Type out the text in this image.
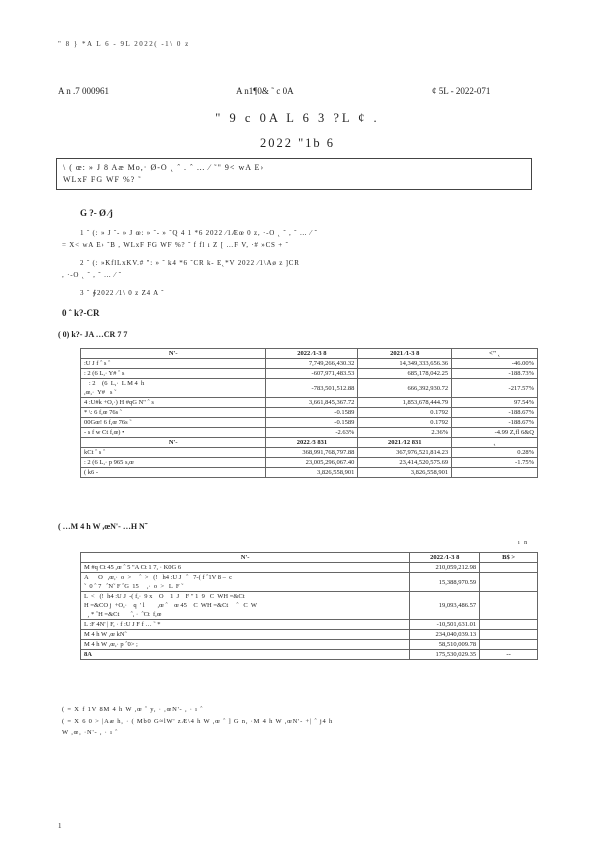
" 8 } *A L 6 - 9L 2022( -1\ 0 z
A n .7 000961	A n1¶0& ˜ c 0A	¢ 5L - 2022-071
" 9 c 0A L 6 3 ?L ¢ .
2022 "1b 6
\ ( œ: » J 8 Aæ Mo,· Ø-O ˛ ˆ . ˆ … ⁄ ˜" 9< wA E›
WLxF FG WF %? ˜
G ?- Ø ⁄j
1 ˆ (: » J ˆ- » J œ: » ˆ- » ˆQ 4 1 *6 2022 ⁄1Æœ 0 z, ·-O ˛ ˆ , ˆ … ⁄ ˜
= X< wA E› ˜B , WLxF FG WF %? ˜ f fl ı Z [ …F V, ·# »CS + ˜
2 ˆ (: »KflLxKV.# ": » ˆ k4 *6 ˆCR k- E˛*V 2022 ⁄1\Aø z ]CR
, ·-O ˛ ˆ , ˆ … ⁄ ˜
3 ˜ ∮2022 ⁄1\ 0 z Z4 A ˜
0 ˆ k?-CR
( 0) k?- JA …CR 7 7
N'-	2022 ⁄1-3 8	2021 ⁄1-3 8	<" ˛
:U J f ˆ s ˆ	7,749,266,430.32	14,349,333,656.36	-46.00%
: 2 (6 L,· Y# ˆ s	-607,971,483.53	685,178,042.25	-188.73%
: 2    (6  L,·  L M 4  h
,œ,·  Y#   s ˜	-783,501,512.88	666,392,930.72	-217.57%
4 :U#k +O,·) H #qG N" ˆ s	3,661,845,367.72	1,853,678,444.79	97.54%
* \: 6 f,œ 76s ˜	-0.1589	0.1792	-188.67%
00Gœ! 6 f,œ 76s ˜	-0.1589	0.1792	-188.67%
- s f w Ct f,œ) •	-2.63%	2.36%	-4.99 Z,fl 6&Q
N'-	2022 ⁄3 831	2021 ⁄12 831	˛
kCt ˆ s ˆ	368,991,768,797.88	367,976,521,814.23	0.28%
: 2 (6 L,· p 965 s,œ	23,005,296,067.40	23,414,520,575.69	-1.75%
( k6 -	3,826,558,901	3,826,558,901	
( …M 4 h W ,œN'- …H N˜
ı   n
N'-	2022 ⁄1-3 8	B$ >
M #q Ct 45 ,œ ˆ 5 "A Ct 1 7, · K0G 6	210,059,212.98	
A      O   ,œ,·  o  >     ˆ  >   (!   h4 :U J   ˆ   7-( f ˆ1V 8 –  c
˜  0 ˆ 7   ˆN˜ F ˆG  15     ,·  o  >   L  F ˜	15,388,970.59	
L  <   (!  h4 :U J  -( f,·  9 x    O    1  J    F " 1  9   C  WH =&Ct
H =&CO j  +O,·    q  ' l        ,œ ˆ    œ 45    C  WH =&Ct     ˆ   C  W
¸ * ˆH =&Ct       ˆ, ·  ˆCt  f,œ	19,093,486.57	
L :F 4N' | F, · f :U J F f … ˜ *	-10,501,631.01	
M 4 h W ,œ kN˜	234,040,039.13	
M 4 h W ,œ,· p ˆ0> ;	58,510,009.78	
8A	175,530,029.35	--
( = X f 1V 8M 4 h W ,œ ˆ y, · ,œN'- , · ı ˆ
( = X 6 0 > |Aæ h, · ( Mb0 G≈lW' zÆ\4 h W ,œ ˆ ] G n, ·M 4 h W ,œN'- +| ˆ j4 h
W ,œ, ·N'- , · ı ˆ
1
